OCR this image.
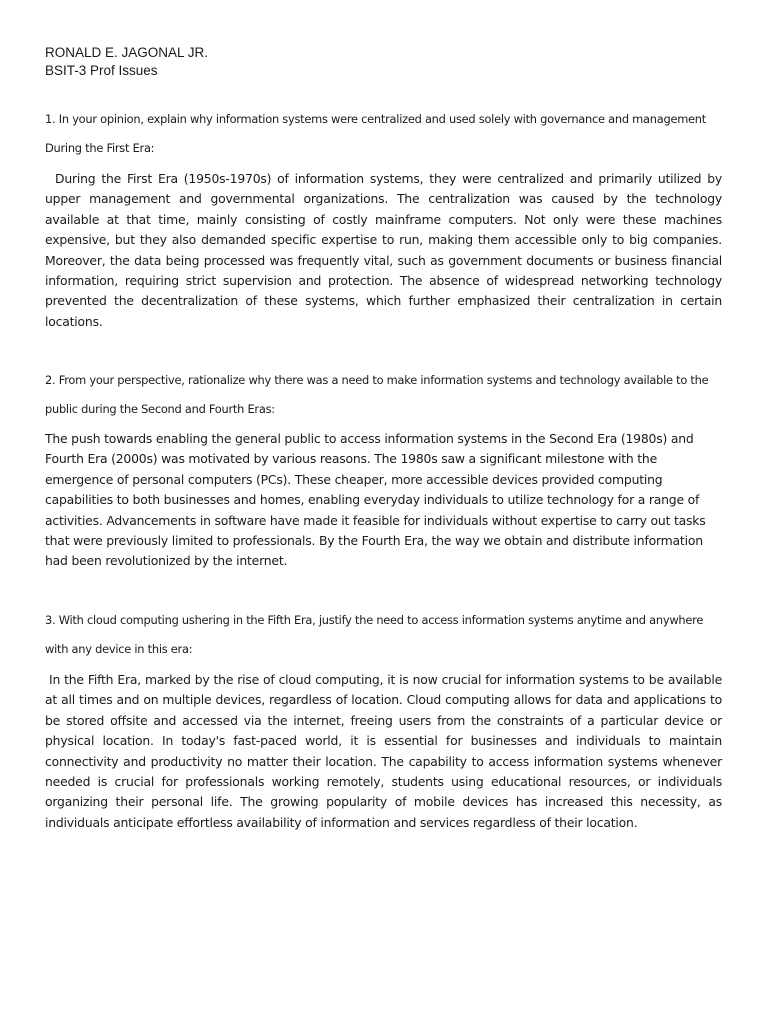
RONALD E. JAGONAL JR.
BSIT-3 Prof Issues
1. In your opinion, explain why information systems were centralized and used solely with governance and management During the First Era:
During the First Era (1950s-1970s) of information systems, they were centralized and primarily utilized by upper management and governmental organizations. The centralization was caused by the technology available at that time, mainly consisting of costly mainframe computers. Not only were these machines expensive, but they also demanded specific expertise to run, making them accessible only to big companies. Moreover, the data being processed was frequently vital, such as government documents or business financial information, requiring strict supervision and protection. The absence of widespread networking technology prevented the decentralization of these systems, which further emphasized their centralization in certain locations.
2. From your perspective, rationalize why there was a need to make information systems and technology available to the public during the Second and Fourth Eras:
The push towards enabling the general public to access information systems in the Second Era (1980s) and Fourth Era (2000s) was motivated by various reasons. The 1980s saw a significant milestone with the emergence of personal computers (PCs). These cheaper, more accessible devices provided computing capabilities to both businesses and homes, enabling everyday individuals to utilize technology for a range of activities. Advancements in software have made it feasible for individuals without expertise to carry out tasks that were previously limited to professionals. By the Fourth Era, the way we obtain and distribute information had been revolutionized by the internet.
3. With cloud computing ushering in the Fifth Era, justify the need to access information systems anytime and anywhere with any device in this era:
In the Fifth Era, marked by the rise of cloud computing, it is now crucial for information systems to be available at all times and on multiple devices, regardless of location. Cloud computing allows for data and applications to be stored offsite and accessed via the internet, freeing users from the constraints of a particular device or physical location. In today's fast-paced world, it is essential for businesses and individuals to maintain connectivity and productivity no matter their location. The capability to access information systems whenever needed is crucial for professionals working remotely, students using educational resources, or individuals organizing their personal life. The growing popularity of mobile devices has increased this necessity, as individuals anticipate effortless availability of information and services regardless of their location.
